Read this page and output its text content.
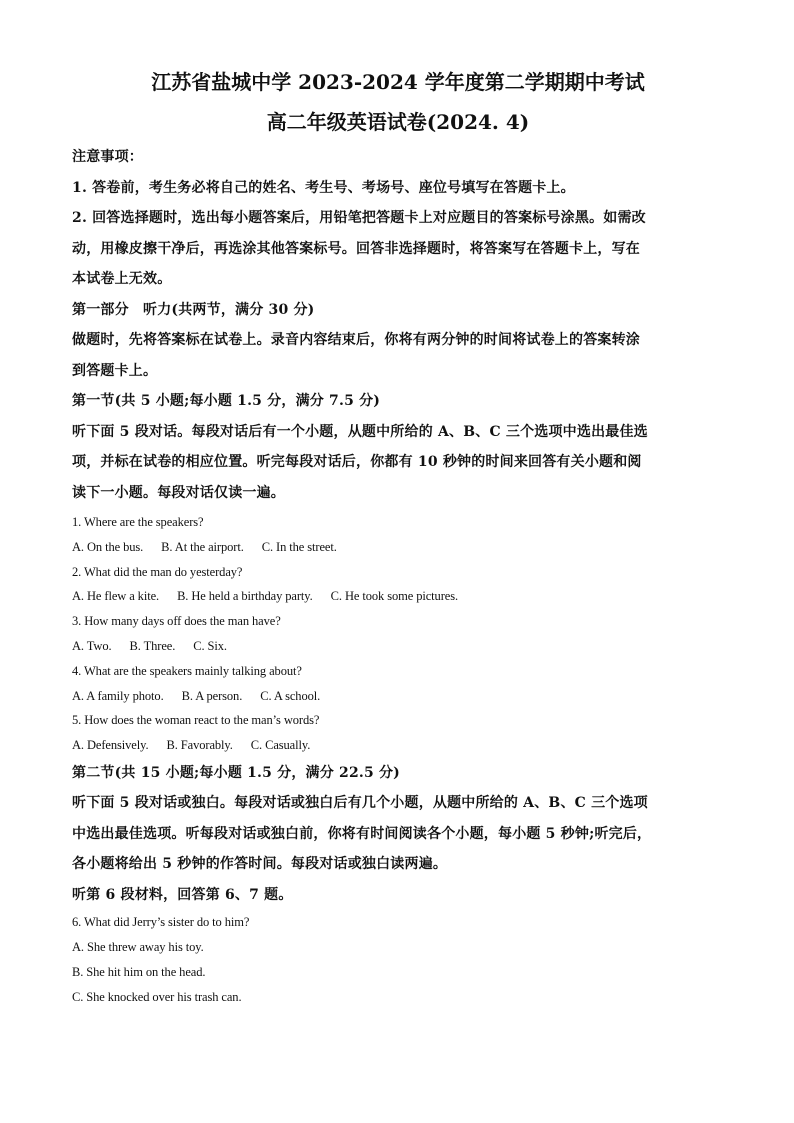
江苏省盐城中学 2023-2024 学年度第二学期期中考试

高二年级英语试卷(2024. 4)

注意事项：

1. 答卷前，考生务必将自己的姓名、考生号、考场号、座位号填写在答题卡上。

2. 回答选择题时，选出每小题答案后，用铅笔把答题卡上对应题目的答案标号涂黑。如需改

动，用橡皮擦干净后，再选涂其他答案标号。回答非选择题时，将答案写在答题卡上，写在

本试卷上无效。

第一部分　听力(共两节，满分 30 分)

做题时，先将答案标在试卷上。录音内容结束后，你将有两分钟的时间将试卷上的答案转涂

到答题卡上。

第一节(共 5 小题;每小题 1.5 分，满分 7.5 分)

听下面 5 段对话。每段对话后有一个小题，从题中所给的 A、B、C 三个选项中选出最佳选

项，并标在试卷的相应位置。听完每段对话后，你都有 10 秒钟的时间来回答有关小题和阅

读下一小题。每段对话仅读一遍。

1. Where are the speakers?

A. On the bus. B. At the airport. C. In the street.

2. What did the man do yesterday?

A. He flew a kite. B. He held a birthday party. C. He took some pictures.

3. How many days off does the man have?

A. Two. B. Three. C. Six.

4. What are the speakers mainly talking about?

A. A family photo. B. A person. C. A school.

5. How does the woman react to the man’s words?

A. Defensively. B. Favorably. C. Casually.

第二节(共 15 小题;每小题 1.5 分，满分 22.5 分)

听下面 5 段对话或独白。每段对话或独白后有几个小题，从题中所给的 A、B、C 三个选项

中选出最佳选项。听每段对话或独白前，你将有时间阅读各个小题，每小题 5 秒钟;听完后，

各小题将给出 5 秒钟的作答时间。每段对话或独白读两遍。

听第 6 段材料，回答第 6、7 题。

6. What did Jerry’s sister do to him?

A. She threw away his toy.

B. She hit him on the head.

C. She knocked over his trash can.
